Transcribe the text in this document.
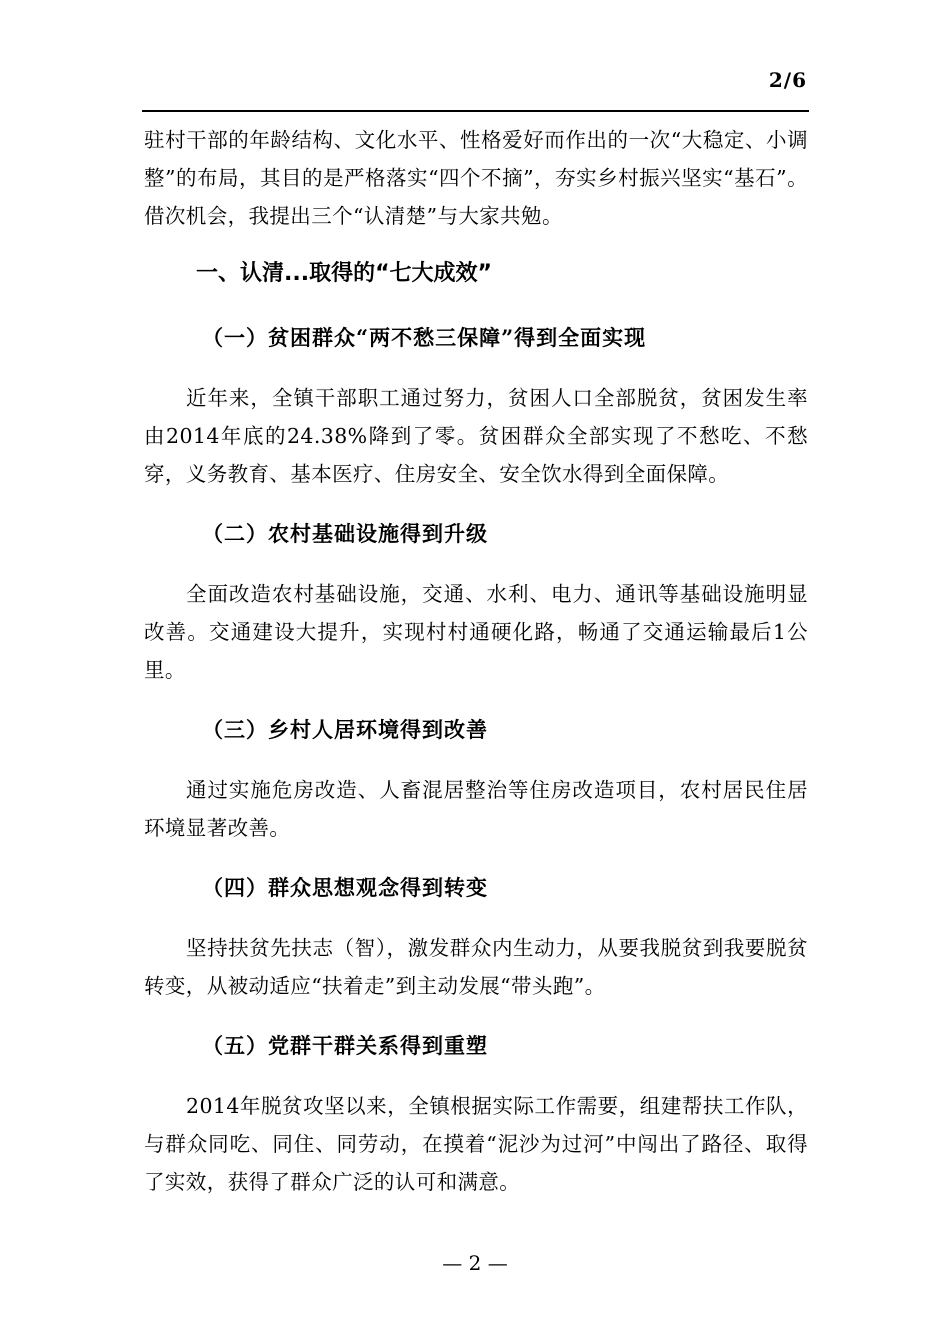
2/6

驻村干部的年龄结构、文化水平、性格爱好而作出的一次“大稳定、小调整”的布局，其目的是严格落实“四个不摘”，夯实乡村振兴坚实“基石”。借次机会，我提出三个“认清楚”与大家共勉。

一、认清...取得的“七大成效”
（一）贫困群众“两不愁三保障”得到全面实现

近年来，全镇干部职工通过努力，贫困人口全部脱贫，贫困发生率由2014年底的24.38%降到了零。贫困群众全部实现了不愁吃、不愁穿，义务教育、基本医疗、住房安全、安全饮水得到全面保障。

（二）农村基础设施得到升级

全面改造农村基础设施，交通、水利、电力、通讯等基础设施明显改善。交通建设大提升，实现村村通硬化路，畅通了交通运输最后1公里。

（三）乡村人居环境得到改善

通过实施危房改造、人畜混居整治等住房改造项目，农村居民住居环境显著改善。

（四）群众思想观念得到转变

坚持扶贫先扶志（智），激发群众内生动力，从要我脱贫到我要脱贫转变，从被动适应“扶着走”到主动发展“带头跑”。

（五）党群干群关系得到重塑

2014年脱贫攻坚以来，全镇根据实际工作需要，组建帮扶工作队，与群众同吃、同住、同劳动，在摸着“泥沙为过河”中闯出了路径、取得了实效，获得了群众广泛的认可和满意。

— 2 —
